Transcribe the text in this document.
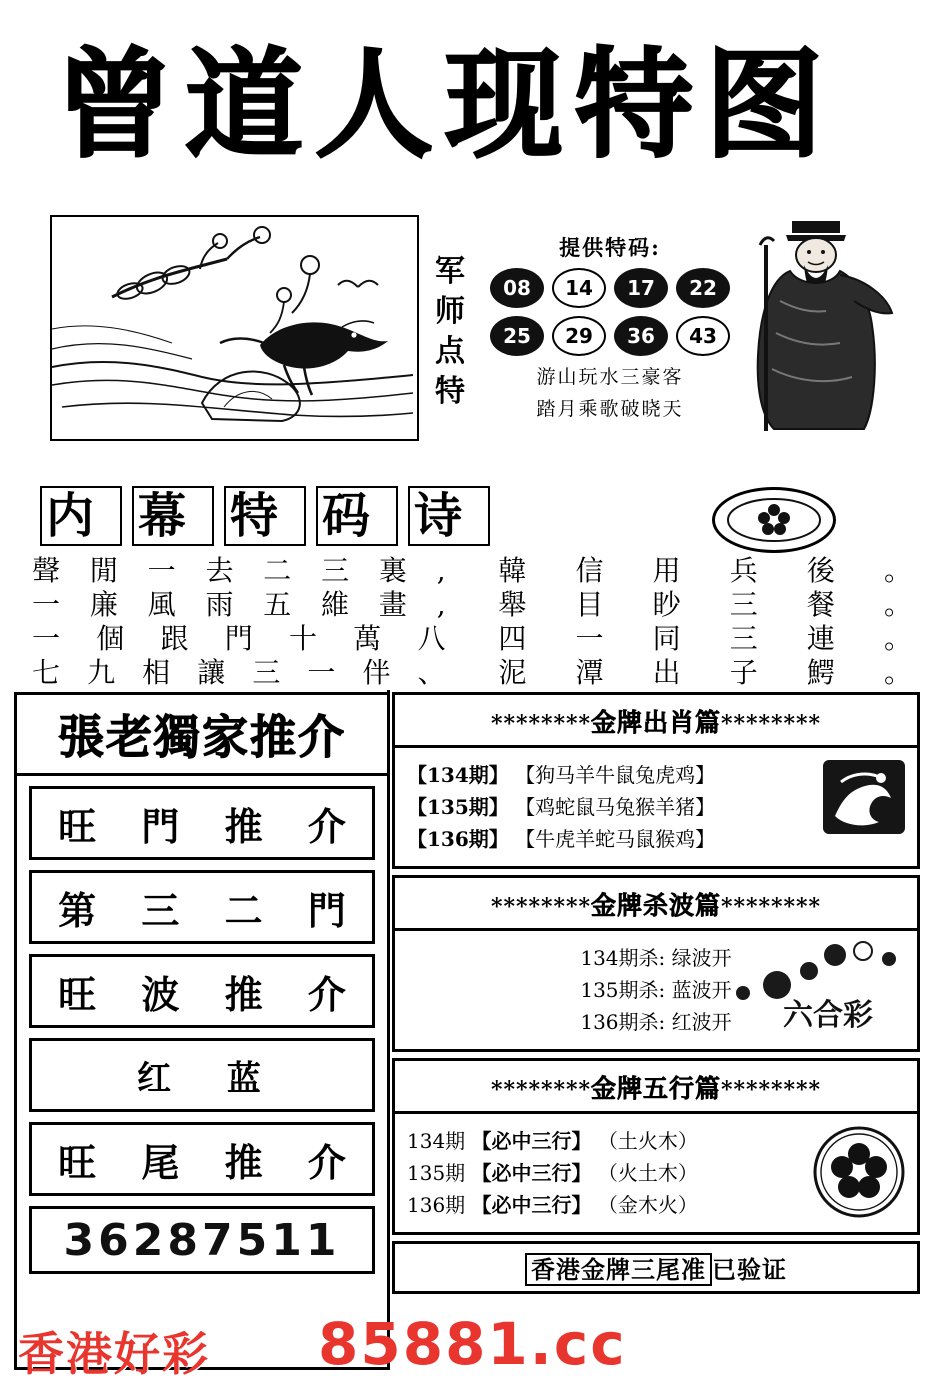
曾道人现特图
军师点特
提供特码:
08	14	17	22
25	29	36	43
游山玩水三豪客
踏月乘歌破晓天
内 幕 特 码 诗
聲 閒 一 去 二 三 裏 , 韓 信 用 兵 後 。
一 廉 風 雨 五 維 畫 , 舉 目 眇 三 餐 。
一 個 跟 門 十 萬 八 四 一 同 三 連 。
七 九 相 讓 三 一 伴 、 泥 潭 出 子 鰐 。
張老獨家推介
旺 門 推 介
第 三 二 門
旺 波 推 介
红 蓝
旺 尾 推 介
36287511
********金牌出肖篇********
【134期】 【狗马羊牛鼠兔虎鸡】
【135期】 【鸡蛇鼠马兔猴羊猪】
【136期】 【牛虎羊蛇马鼠猴鸡】
********金牌杀波篇********
六合彩
134期杀: 绿波开
135期杀: 蓝波开
136期杀: 红波开
********金牌五行篇********
134期 【必中三行】 （土火木）
135期 【必中三行】 （火土木）
136期 【必中三行】 （金木火）
香港金牌三尾准 已验证
香港好彩 85881.cc
